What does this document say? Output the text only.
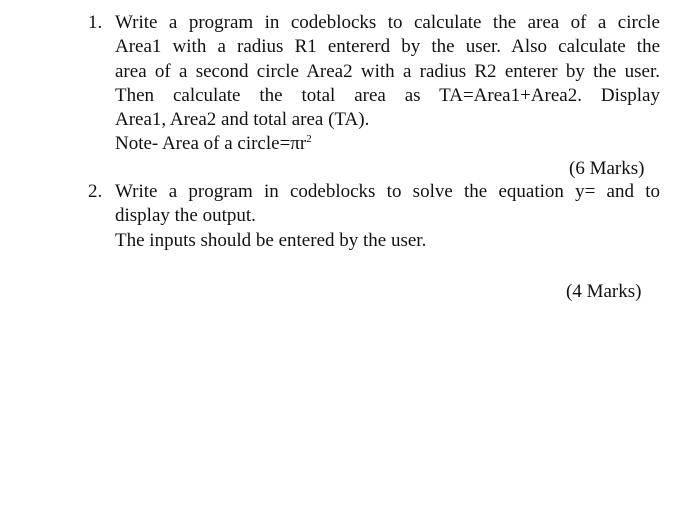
1. Write a program in codeblocks to calculate the area of a circle
Area1 with a radius R1 entererd by the user. Also calculate the
area of a second circle Area2 with a radius R2 enterer by the user.
Then calculate the total area as TA=Area1+Area2. Display
Area1, Area2 and total area (TA).
Note- Area of a $circle=\pi r^2$
(6 Marks)
2. Write a program in codeblocks to solve the equation y= and to
display the output.
The inputs should be entered by the user.
(4 Marks)
